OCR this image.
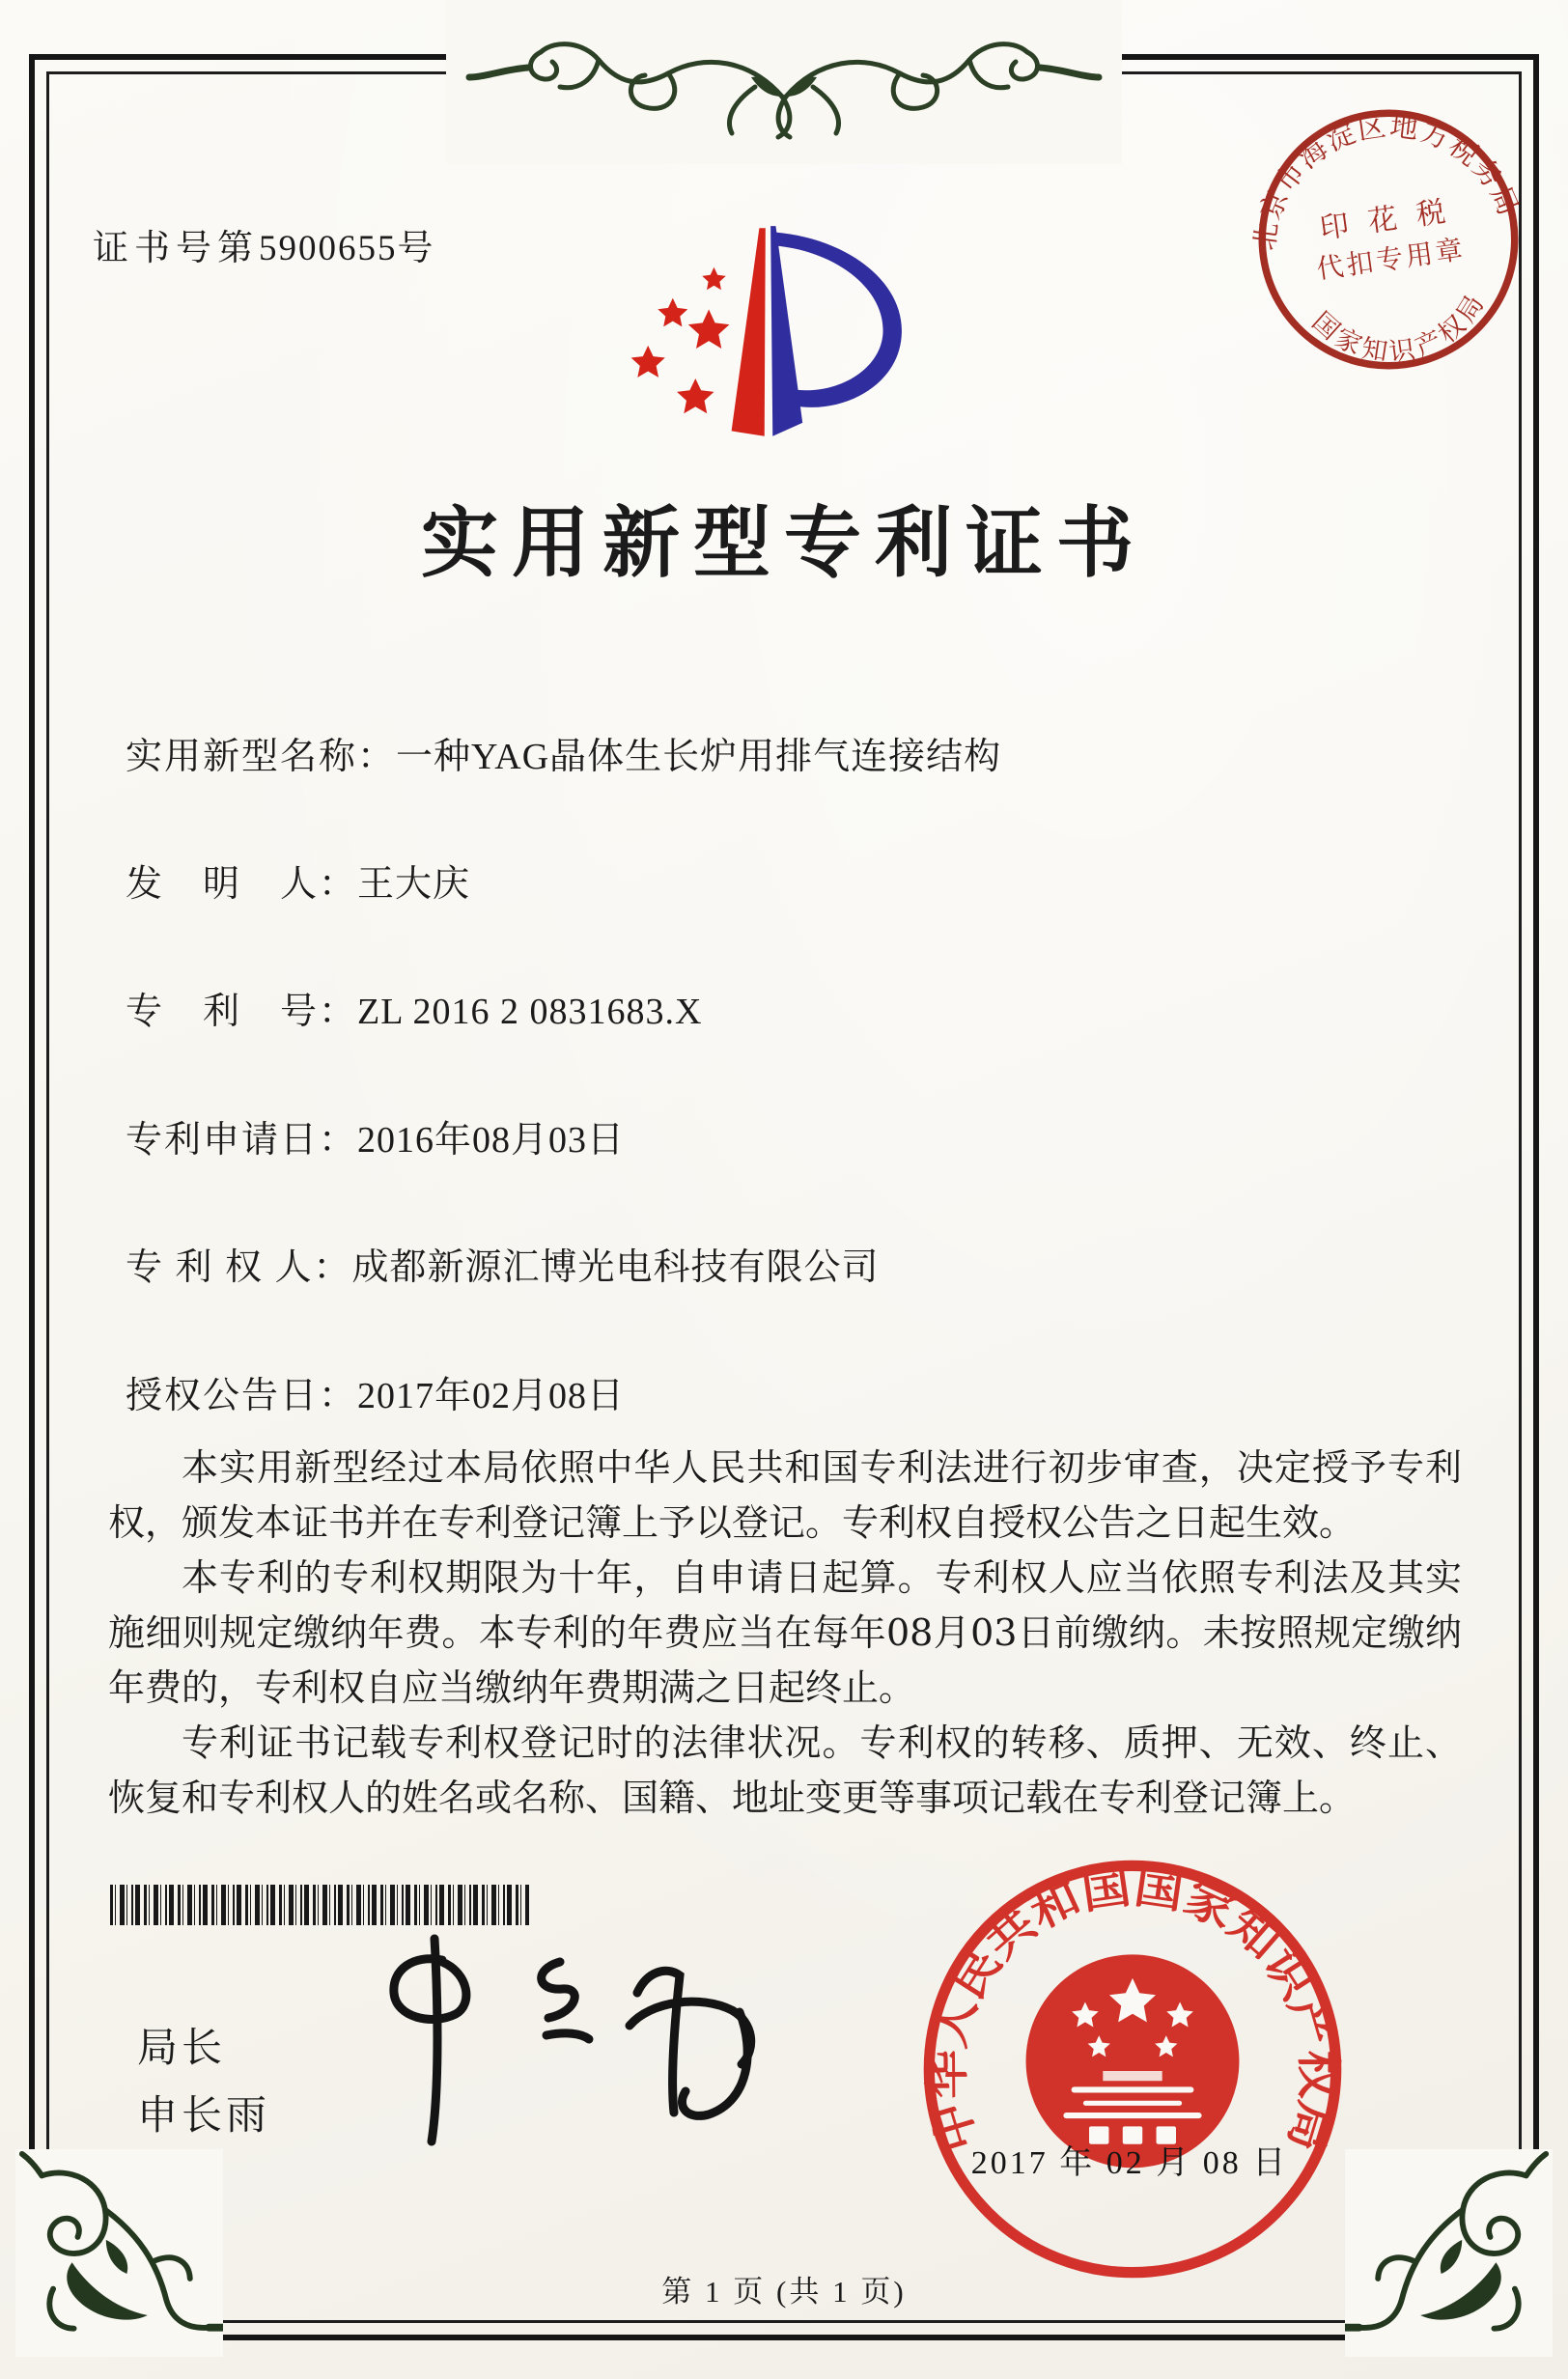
证书号第5900655号	北京市海淀区地方税务局
国家知识产权局
印 花 税
代扣专用章
实用新型专利证书
实用新型名称：一种YAG晶体生长炉用排气连接结构
发　明　人：王大庆
专　利　号：ZL 2016 2 0831683.X
专利申请日：2016年08月03日
专 利 权 人：成都新源汇博光电科技有限公司
授权公告日：2017年02月08日

本实用新型经过本局依照中华人民共和国专利法进行初步审查，决定授予专利权，颁发本证书并在专利登记簿上予以登记。专利权自授权公告之日起生效。

本专利的专利权期限为十年，自申请日起算。专利权人应当依照专利法及其实施细则规定缴纳年费。本专利的年费应当在每年08月03日前缴纳。未按照规定缴纳年费的，专利权自应当缴纳年费期满之日起终止。

专利证书记载专利权登记时的法律状况。专利权的转移、质押、无效、终止、恢复和专利权人的姓名或名称、国籍、地址变更等事项记载在专利登记簿上。

局长
申长雨	中华人民共和国国家知识产权局
2017 年 02 月 08 日
第 1 页 (共 1 页)
